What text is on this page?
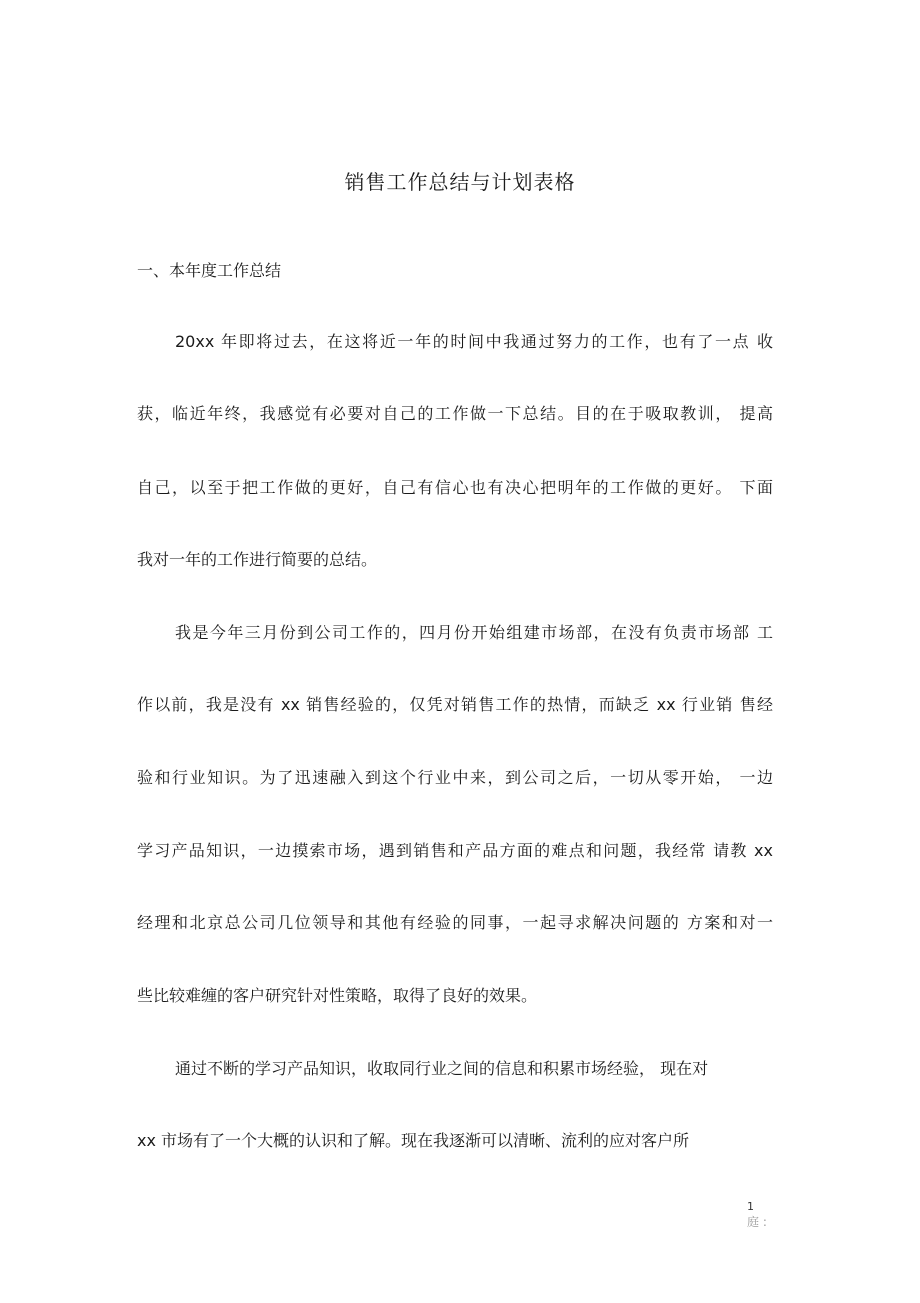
销售工作总结与计划表格
一、本年度工作总结
20xx 年即将过去，在这将近一年的时间中我通过努力的工作，也有了一点 收
获，临近年终，我感觉有必要对自己的工作做一下总结。目的在于吸取教训， 提高
自己，以至于把工作做的更好，自己有信心也有决心把明年的工作做的更好。 下面
我对一年的工作进行简要的总结。
我是今年三月份到公司工作的，四月份开始组建市场部，在没有负责市场部 工
作以前，我是没有 xx 销售经验的，仅凭对销售工作的热情，而缺乏 xx 行业销 售经
验和行业知识。为了迅速融入到这个行业中来，到公司之后，一切从零开始， 一边
学习产品知识，一边摸索市场，遇到销售和产品方面的难点和问题，我经常 请教 xx
经理和北京总公司几位领导和其他有经验的同事，一起寻求解决问题的 方案和对一
些比较难缠的客户研究针对性策略，取得了良好的效果。
通过不断的学习产品知识，收取同行业之间的信息和积累市场经验， 现在对
xx 市场有了一个大概的认识和了解。现在我逐渐可以清晰、流利的应对客户所
1
庭 :
